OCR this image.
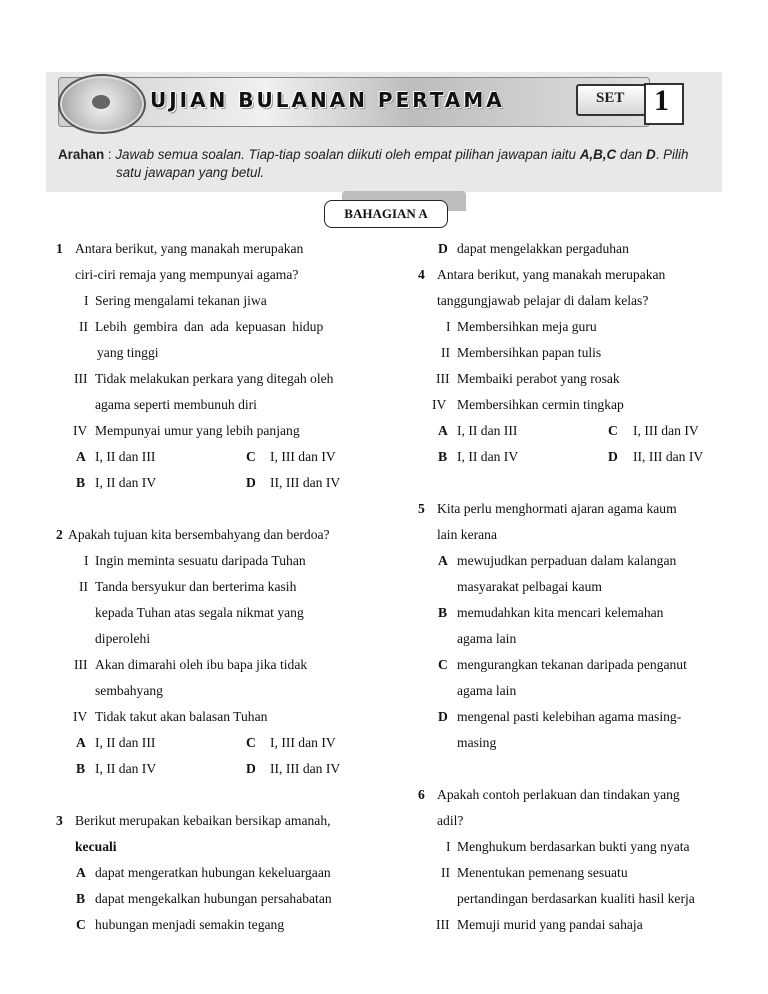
UJIAN BULANAN PERTAMA	SET 1
Arahan : Jawab semua soalan. Tiap-tiap soalan diikuti oleh empat pilihan jawapan iaitu A,B,C dan D. Pilih
satu jawapan yang betul.
BAHAGIAN A
1 Antara berikut, yang manakah merupakan
ciri-ciri remaja yang mempunyai agama?
I Sering mengalami tekanan jiwa
II Lebih gembira dan ada kepuasan hidup
yang tinggi
III Tidak melakukan perkara yang ditegah oleh
agama seperti membunuh diri
IV Mempunyai umur yang lebih panjang
A I, II dan III	C I, III dan IV
B I, II dan IV	D II, III dan IV
2 Apakah tujuan kita bersembahyang dan berdoa?
I Ingin meminta sesuatu daripada Tuhan
II Tanda bersyukur dan berterima kasih
kepada Tuhan atas segala nikmat yang
diperolehi
III Akan dimarahi oleh ibu bapa jika tidak
sembahyang
IV Tidak takut akan balasan Tuhan
A I, II dan III	C I, III dan IV
B I, II dan IV	D II, III dan IV
3 Berikut merupakan kebaikan bersikap amanah,
kecuali
A dapat mengeratkan hubungan kekeluargaan
B dapat mengekalkan hubungan persahabatan
C hubungan menjadi semakin tegang
D dapat mengelakkan pergaduhan
4 Antara berikut, yang manakah merupakan
tanggungjawab pelajar di dalam kelas?
I Membersihkan meja guru
II Membersihkan papan tulis
III Membaiki perabot yang rosak
IV Membersihkan cermin tingkap
A I, II dan III	C I, III dan IV
B I, II dan IV	D II, III dan IV
5 Kita perlu menghormati ajaran agama kaum
lain kerana
A mewujudkan perpaduan dalam kalangan
masyarakat pelbagai kaum
B memudahkan kita mencari kelemahan
agama lain
C mengurangkan tekanan daripada penganut
agama lain
D mengenal pasti kelebihan agama masing-
masing
6 Apakah contoh perlakuan dan tindakan yang
adil?
I Menghukum berdasarkan bukti yang nyata
II Menentukan pemenang sesuatu
pertandingan berdasarkan kualiti hasil kerja
III Memuji murid yang pandai sahaja
